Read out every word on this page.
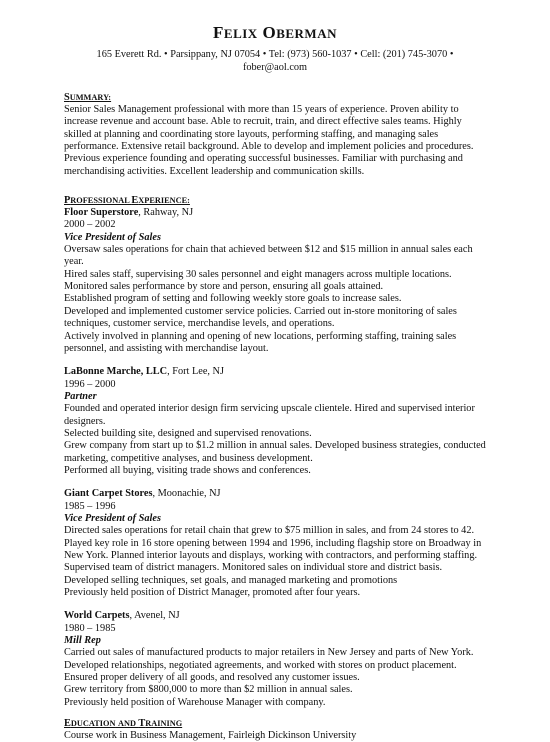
FELIX OBERMAN
165 Everett Rd. • Parsippany, NJ 07054 • Tel: (973) 560-1037 • Cell: (201) 745-3070 •
fober@aol.com
SUMMARY:

Senior Sales Management professional with more than 15 years of experience. Proven ability to increase revenue and account base. Able to recruit, train, and direct effective sales teams. Highly skilled at planning and coordinating store layouts, performing staffing, and managing sales performance. Extensive retail background. Able to develop and implement policies and procedures. Previous experience founding and operating successful businesses. Familiar with purchasing and merchandising activities. Excellent leadership and communication skills.

PROFESSIONAL EXPERIENCE:
Floor Superstore, Rahway, NJ
2000 – 2002
Vice President of Sales
Oversaw sales operations for chain that achieved between $12 and $15 million in annual sales each year.
Hired sales staff, supervising 30 sales personnel and eight managers across multiple locations.
Monitored sales performance by store and person, ensuring all goals attained.
Established program of setting and following weekly store goals to increase sales.
Developed and implemented customer service policies. Carried out in-store monitoring of sales techniques, customer service, merchandise levels, and operations.
Actively involved in planning and opening of new locations, performing staffing, training sales personnel, and assisting with merchandise layout.
LaBonne Marche, LLC, Fort Lee, NJ
1996 – 2000
Partner
Founded and operated interior design firm servicing upscale clientele. Hired and supervised interior designers.
Selected building site, designed and supervised renovations.
Grew company from start up to $1.2 million in annual sales. Developed business strategies, conducted marketing, competitive analyses, and business development.
Performed all buying, visiting trade shows and conferences.
Giant Carpet Stores, Moonachie, NJ
1985 – 1996
Vice President of Sales
Directed sales operations for retail chain that grew to $75 million in sales, and from 24 stores to 42.
Played key role in 16 store opening between 1994 and 1996, including flagship store on Broadway in New York. Planned interior layouts and displays, working with contractors, and performing staffing.
Supervised team of district managers. Monitored sales on individual store and district basis.
Developed selling techniques, set goals, and managed marketing and promotions
Previously held position of District Manager, promoted after four years.
World Carpets, Avenel, NJ
1980 – 1985
Mill Rep
Carried out sales of manufactured products to major retailers in New Jersey and parts of New York.
Developed relationships, negotiated agreements, and worked with stores on product placement.
Ensured proper delivery of all goods, and resolved any customer issues.
Grew territory from $800,000 to more than $2 million in annual sales.
Previously held position of Warehouse Manager with company.
EDUCATION AND TRAINING

Course work in Business Management, Fairleigh Dickinson University
